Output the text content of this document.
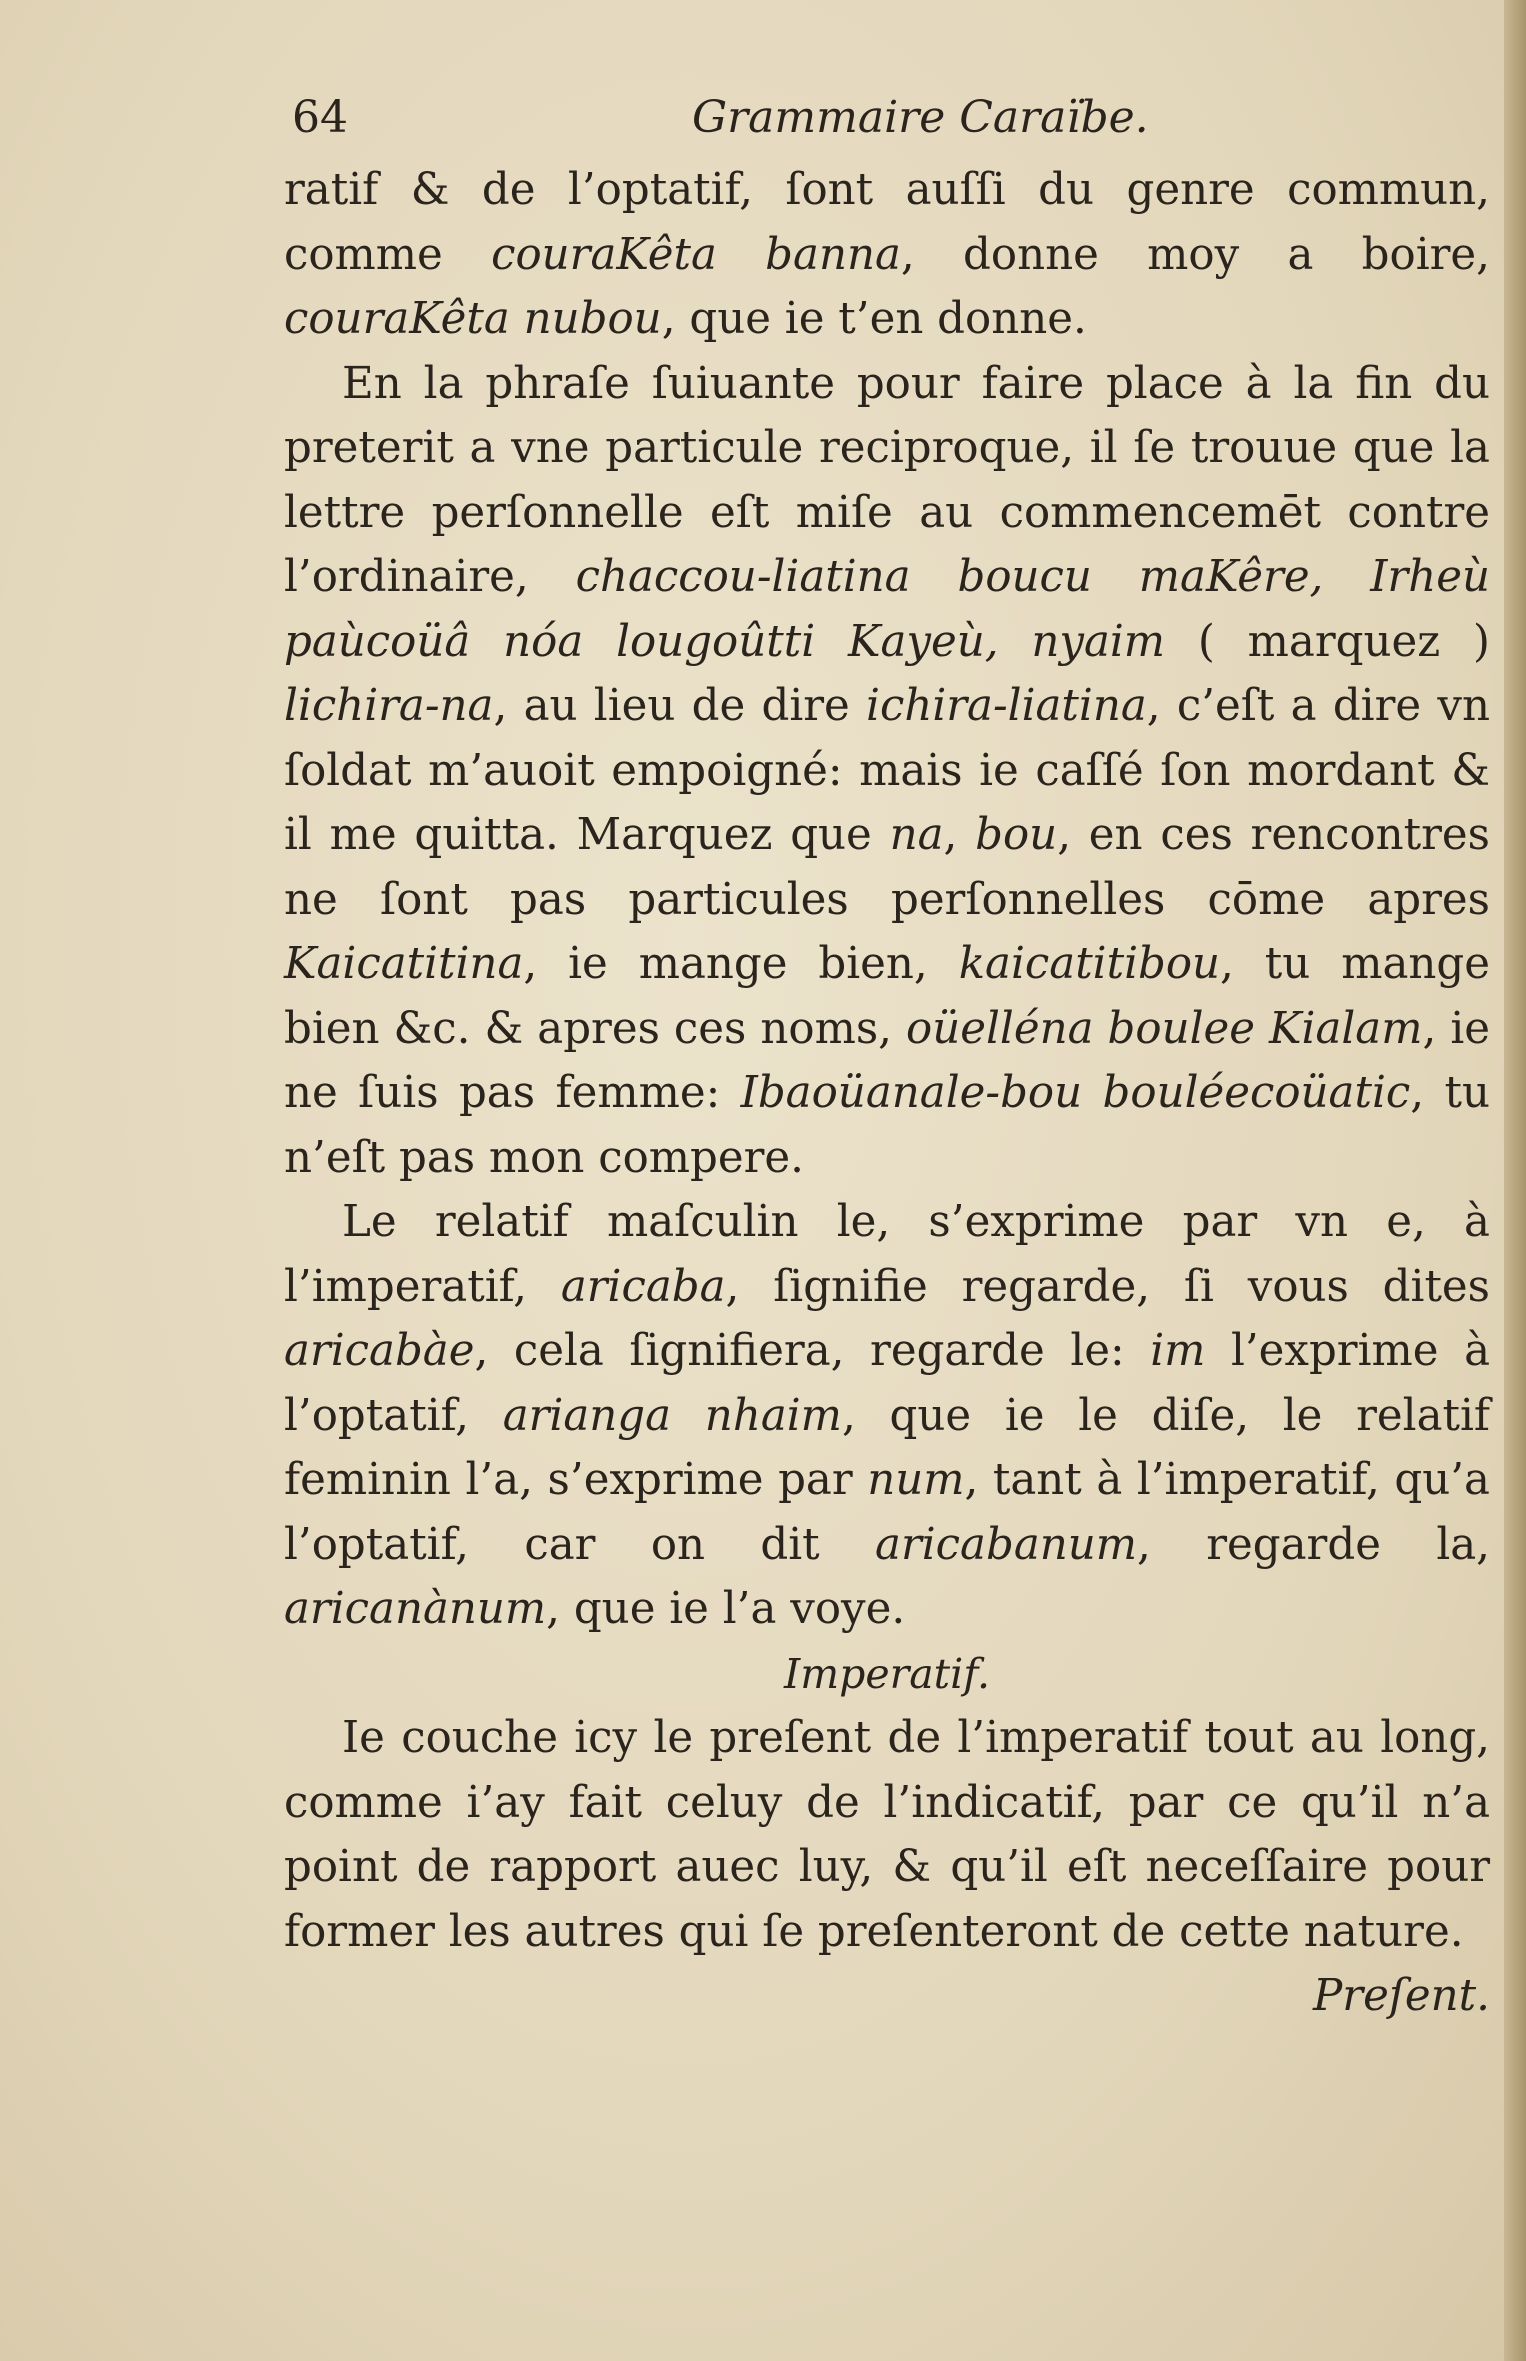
64	Grammaire Caraïbe.

ratif & de l’optatif, ſont auſſi du genre commun, comme couraKêta banna, donne moy a boire, couraKêta nubou, que ie t’en donne.

En la phraſe ſuiuante pour faire place à la fin du preterit a vne particule reciproque, il ſe trouue que la lettre perſonnelle eſt miſe au commencemēt contre l’ordinaire, chaccou-liatina boucu maKêre, Irheù paùcoüâ nóa lougoûtti Kayeù, nyaim ( marquez ) lichira-na, au lieu de dire ichira-liatina, c’eſt a dire vn ſoldat m’auoit empoigné: mais ie caſſé ſon mordant & il me quitta. Marquez que na, bou, en ces rencontres ne ſont pas particules perſonnelles cōme apres Kaicatitina, ie mange bien, kaicatitibou, tu mange bien &c. & apres ces noms, oüelléna boulee Kialam, ie ne ſuis pas femme: Ibaoüanale-bou bouléecoüatic, tu n’eſt pas mon compere.

Le relatif maſculin le, s’exprime par vn e, à l’imperatif, aricaba, ſignifie regarde, ſi vous dites aricabàe, cela ſignifiera, regarde le: im l’exprime à l’optatif, arianga nhaim, que ie le diſe, le relatif feminin l’a, s’exprime par num, tant à l’imperatif, qu’a l’optatif, car on dit aricabanum, regarde la, aricanànum, que ie l’a voye.

Imperatif.

Ie couche icy le preſent de l’imperatif tout au long, comme i’ay fait celuy de l’indicatif, par ce qu’il n’a point de rapport auec luy, & qu’il eſt neceſſaire pour former les autres qui ſe preſenteront de cette nature.

Preſent.
